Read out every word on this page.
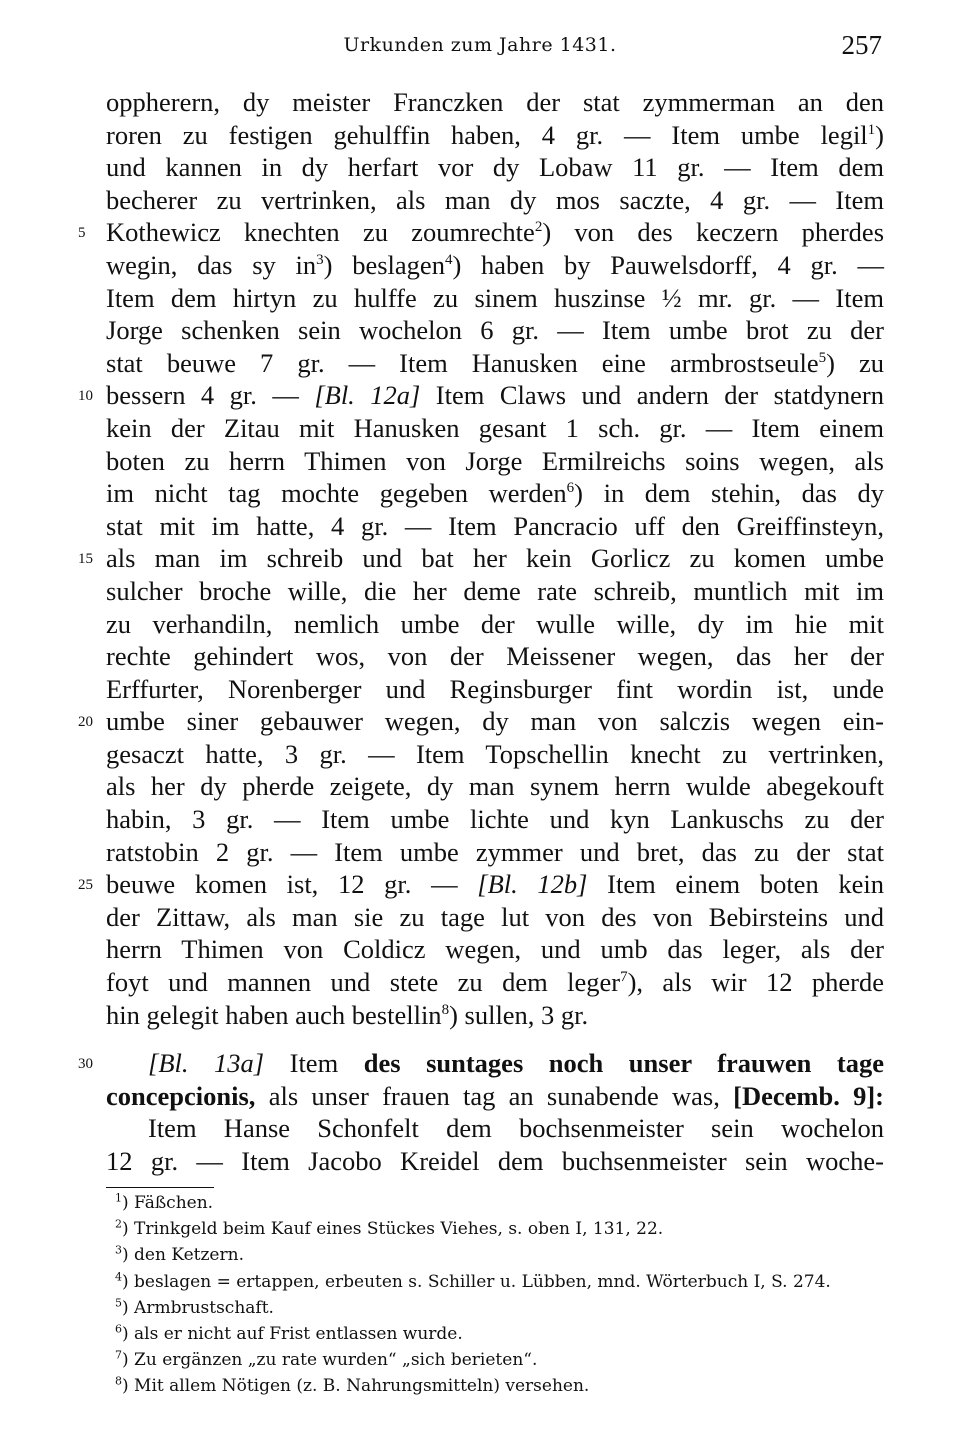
Urkunden zum Jahre 1431.	257
oppherern, dy meister Franczken der stat zymmerman an den
roren zu festigen gehulffin haben, 4 gr. — Item umbe legil$^1$)
und kannen in dy herfart vor dy Lobaw 11 gr. — Item dem
becherer zu vertrinken, als man dy mos saczte, 4 gr. — Item
5 Kothewicz knechten zu zoumrechte$^2$) von des keczern pherdes
wegin, das sy $in^3$) beslagen$^4$) haben by Pauwelsdorff, 4 gr. —
Item dem hirtyn zu hulffe zu sinem huszinse ½ mr. gr. — Item
Jorge schenken sein wochelon 6 gr. — Item umbe brot zu der
stat beuwe 7 gr. — Item Hanusken eine armbrostseule$^5$) zu
10 bessern 4 gr. — [Bl. 12a] Item Claws und andern der statdynern
kein der Zitau mit Hanusken gesant 1 sch. gr. — Item einem
boten zu herrn Thimen von Jorge Ermilreichs soins wegen, als
im nicht tag mochte gegeben werden$^6$) in dem stehin, das dy
stat mit im hatte, 4 gr. — Item Pancracio uff den Greiffinsteyn,
15 als man im schreib und bat her kein Gorlicz zu komen umbe
sulcher broche wille, die her deme rate schreib, muntlich mit im
zu verhandiln, nemlich umbe der wulle wille, dy im hie mit
rechte gehindert wos, von der Meissener wegen, das her der
Erffurter, Norenberger und Reginsburger fint wordin ist, unde
20 umbe siner gebauwer wegen, dy man von salczis wegen ein-
gesaczt hatte, 3 gr. — Item Topschellin knecht zu vertrinken,
als her dy pherde zeigete, dy man synem herrn wulde abegekouft
habin, 3 gr. — Item umbe lichte und kyn Lankuschs zu der
ratstobin 2 gr. — Item umbe zymmer und bret, das zu der stat
25 beuwe komen ist, 12 gr. — [Bl. 12b] Item einem boten kein
der Zittaw, als man sie zu tage lut von des von Bebirsteins und
herrn Thimen von Coldicz wegen, und umb das leger, als der
foyt und mannen und stete zu dem leger$^7$), als wir 12 pherde
hin gelegit haben auch bestellin$^8$) sullen, 3 gr.
30 [Bl. 13a] Item des suntages noch unser frauwen tage
concepcionis, als unser frauen tag an sunabende was, [Decemb. 9]:
Item Hanse Schonfelt dem bochsenmeister sein wochelon
12 gr. — Item Jacobo Kreidel dem buchsenmeister sein woche-
$^1$) Fäßchen.
$^2$) Trinkgeld beim Kauf eines Stückes Viehes, s. oben I, 131, 22.
$^3$) den Ketzern.
$^4$) beslagen = ertappen, erbeuten s. Schiller u. Lübben, mnd. Wörterbuch I, S. 274.
$^5$) Armbrustschaft.
$^6$) als er nicht auf Frist entlassen wurde.
$^7$) Zu ergänzen „zu rate wurden“ „sich berieten“.
$^8$) Mit allem Nötigen (z. B. Nahrungsmitteln) versehen.
